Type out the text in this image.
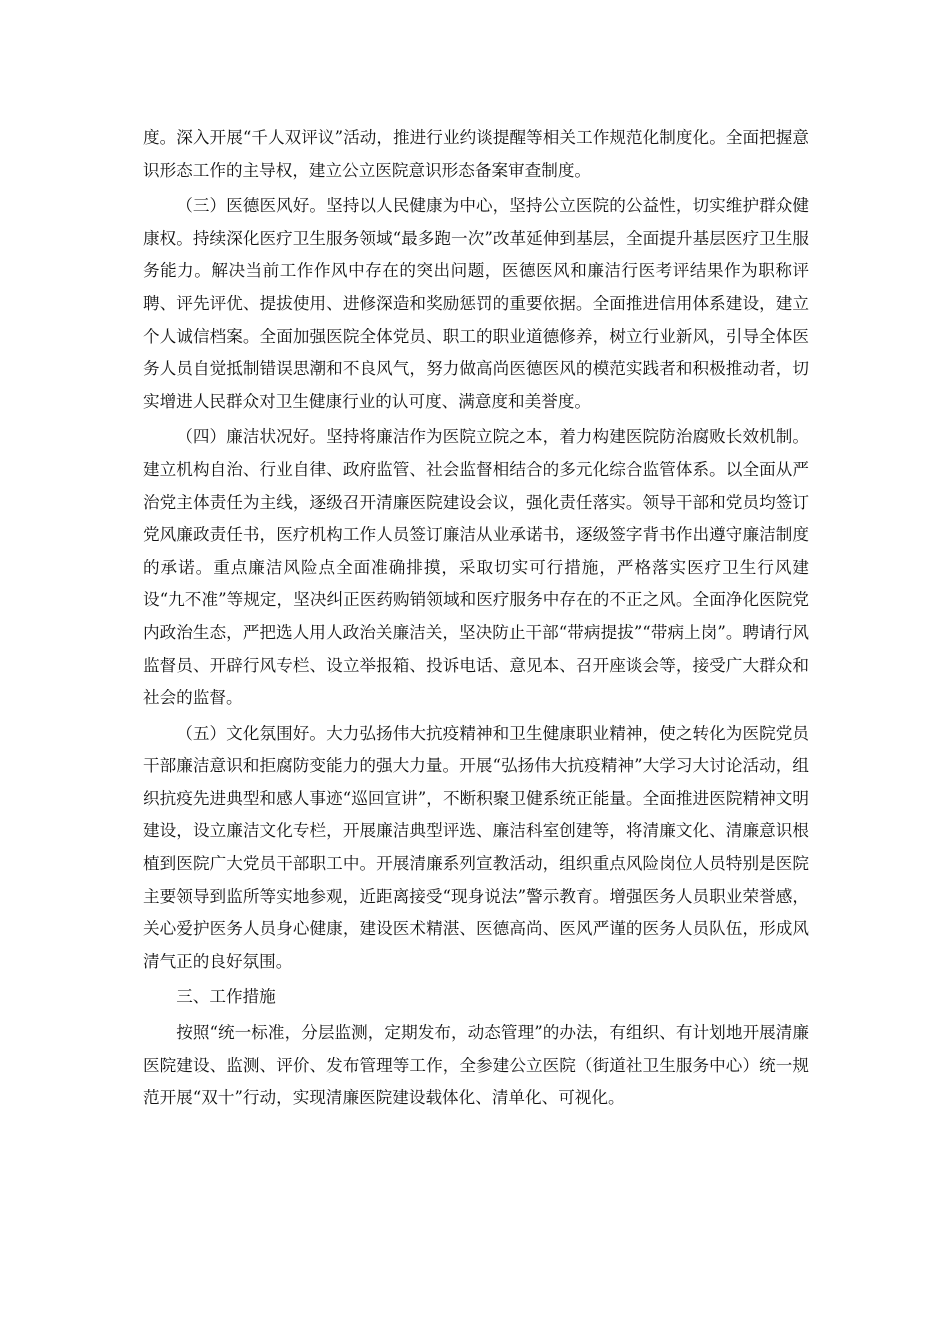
度。深入开展“千人双评议”活动，推进行业约谈提醒等相关工作规范化制度化。全面把握意识形态工作的主导权，建立公立医院意识形态备案审查制度。

（三）医德医风好。坚持以人民健康为中心，坚持公立医院的公益性，切实维护群众健康权。持续深化医疗卫生服务领域“最多跑一次”改革延伸到基层，全面提升基层医疗卫生服务能力。解决当前工作作风中存在的突出问题，医德医风和廉洁行医考评结果作为职称评聘、评先评优、提拔使用、进修深造和奖励惩罚的重要依据。全面推进信用体系建设，建立个人诚信档案。全面加强医院全体党员、职工的职业道德修养，树立行业新风，引导全体医务人员自觉抵制错误思潮和不良风气，努力做高尚医德医风的模范实践者和积极推动者，切实增进人民群众对卫生健康行业的认可度、满意度和美誉度。

（四）廉洁状况好。坚持将廉洁作为医院立院之本，着力构建医院防治腐败长效机制。建立机构自治、行业自律、政府监管、社会监督相结合的多元化综合监管体系。以全面从严治党主体责任为主线，逐级召开清廉医院建设会议，强化责任落实。领导干部和党员均签订党风廉政责任书，医疗机构工作人员签订廉洁从业承诺书，逐级签字背书作出遵守廉洁制度的承诺。重点廉洁风险点全面准确排摸，采取切实可行措施，严格落实医疗卫生行风建设“九不准”等规定，坚决纠正医药购销领域和医疗服务中存在的不正之风。全面净化医院党内政治生态，严把选人用人政治关廉洁关，坚决防止干部“带病提拔”“带病上岗”。聘请行风监督员、开辟行风专栏、设立举报箱、投诉电话、意见本、召开座谈会等，接受广大群众和社会的监督。

（五）文化氛围好。大力弘扬伟大抗疫精神和卫生健康职业精神，使之转化为医院党员干部廉洁意识和拒腐防变能力的强大力量。开展“弘扬伟大抗疫精神”大学习大讨论活动，组织抗疫先进典型和感人事迹“巡回宣讲”，不断积聚卫健系统正能量。全面推进医院精神文明建设，设立廉洁文化专栏，开展廉洁典型评选、廉洁科室创建等，将清廉文化、清廉意识根植到医院广大党员干部职工中。开展清廉系列宣教活动，组织重点风险岗位人员特别是医院主要领导到监所等实地参观，近距离接受“现身说法”警示教育。增强医务人员职业荣誉感，关心爱护医务人员身心健康，建设医术精湛、医德高尚、医风严谨的医务人员队伍，形成风清气正的良好氛围。

三、工作措施

按照“统一标准，分层监测，定期发布，动态管理”的办法，有组织、有计划地开展清廉医院建设、监测、评价、发布管理等工作，全参建公立医院（街道社卫生服务中心）统一规范开展“双十”行动，实现清廉医院建设载体化、清单化、可视化。
